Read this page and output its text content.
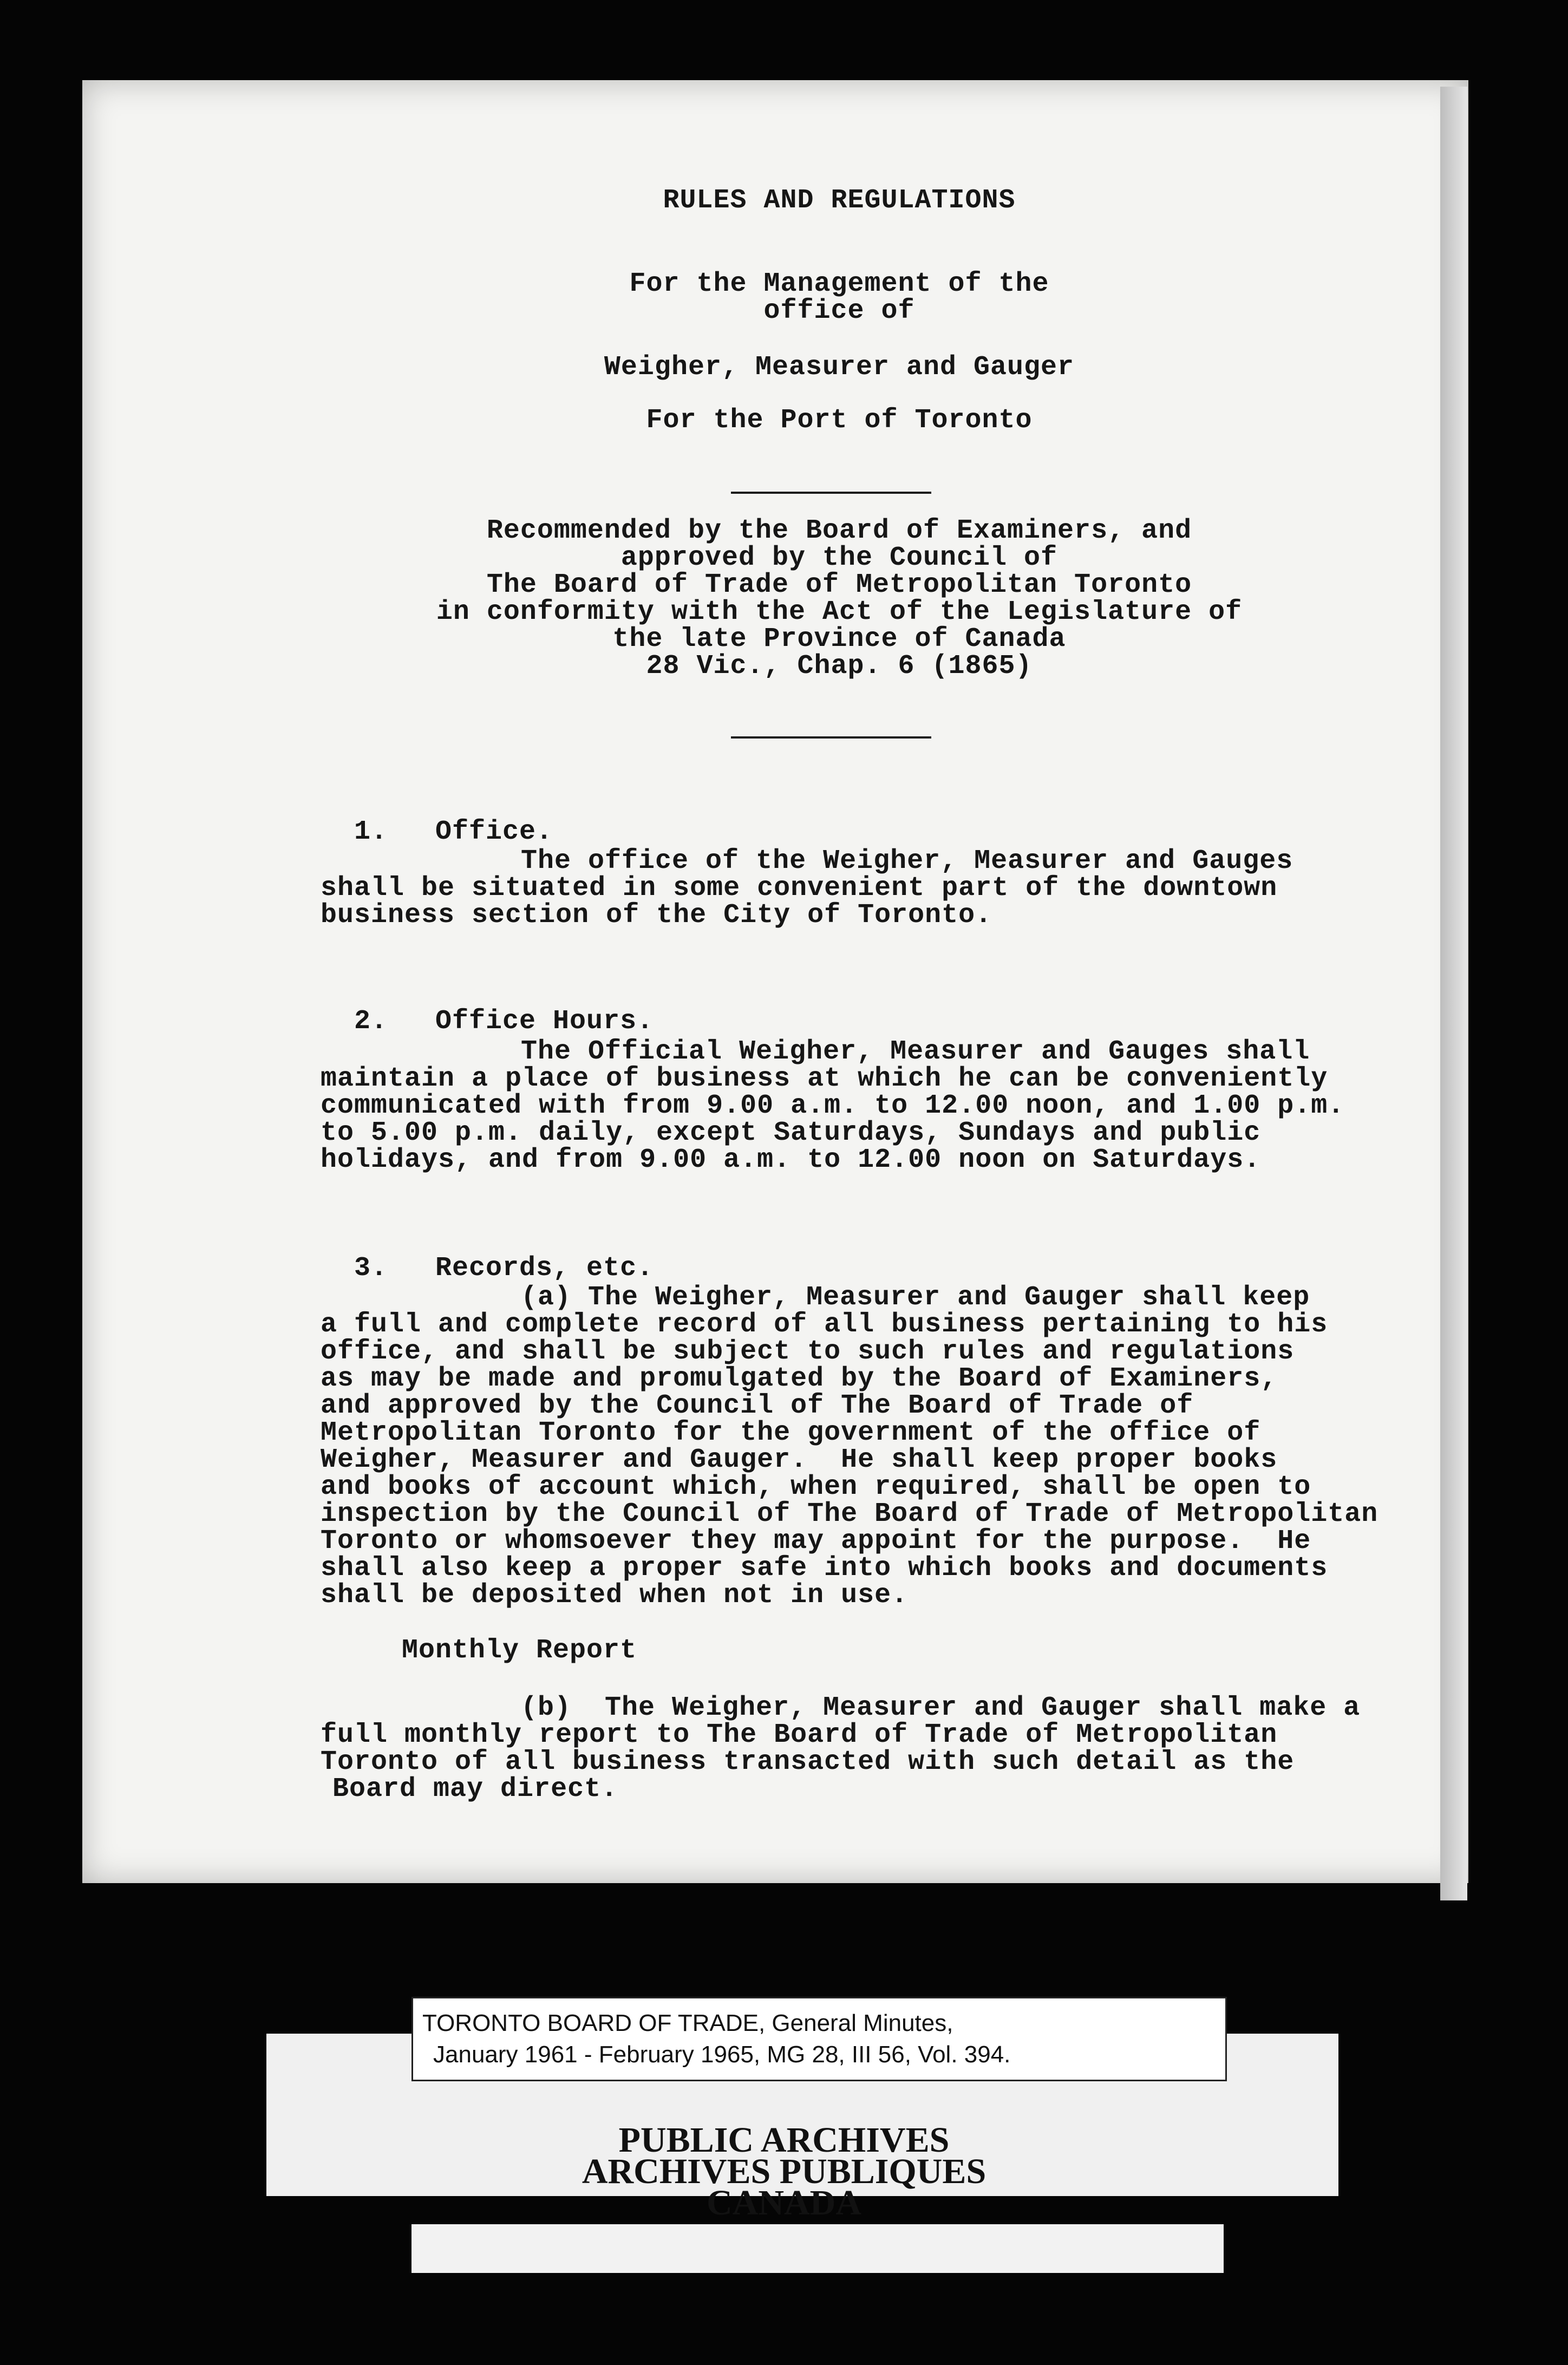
RULES AND REGULATIONS
For the Management of the
office of
Weigher, Measurer and Gauger
For the Port of Toronto
Recommended by the Board of Examiners, and
approved by the Council of
The Board of Trade of Metropolitan Toronto
in conformity with the Act of the Legislature of
the late Province of Canada
28 Vic., Chap. 6 (1865)

1. Office.

The office of the Weigher, Measurer and Gauges
shall be situated in some convenient part of the downtown
business section of the City of Toronto.

2. Office Hours.

The Official Weigher, Measurer and Gauges shall
maintain a place of business at which he can be conveniently
communicated with from 9.00 a.m. to 12.00 noon, and 1.00 p.m.
to 5.00 p.m. daily, except Saturdays, Sundays and public
holidays, and from 9.00 a.m. to 12.00 noon on Saturdays.

3. Records, etc.

(a) The Weigher, Measurer and Gauger shall keep
a full and complete record of all business pertaining to his
office, and shall be subject to such rules and regulations
as may be made and promulgated by the Board of Examiners,
and approved by the Council of The Board of Trade of
Metropolitan Toronto for the government of the office of
Weigher, Measurer and Gauger.  He shall keep proper books
and books of account which, when required, shall be open to
inspection by the Council of The Board of Trade of Metropolitan
Toronto or whomsoever they may appoint for the purpose.  He
shall also keep a proper safe into which books and documents
shall be deposited when not in use.
Monthly Report
(b)  The Weigher, Measurer and Gauger shall make a
full monthly report to The Board of Trade of Metropolitan
Toronto of all business transacted with such detail as the
Board may direct.
TORONTO BOARD OF TRADE, General Minutes,
January 1961 - February 1965, MG 28, III 56, Vol. 394.
PUBLIC ARCHIVES
ARCHIVES PUBLIQUES
CANADA
